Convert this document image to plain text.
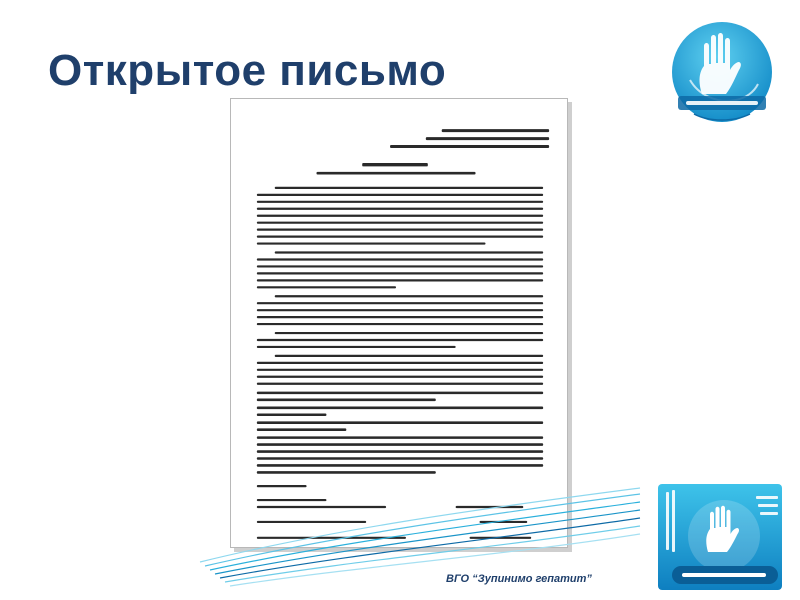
Открытое письмо
ВГО “Зупинимо гепатит”
